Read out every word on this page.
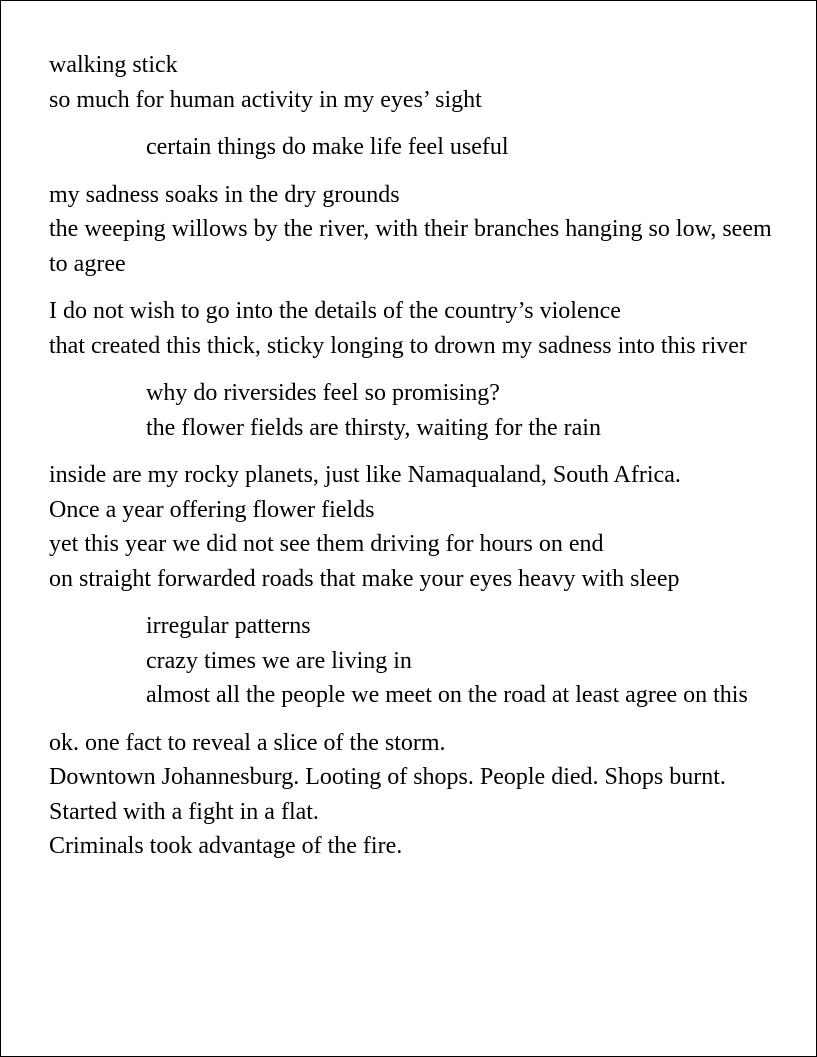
walking stick
so much for human activity in my eyes’ sight
certain things do make life feel useful
my sadness soaks in the dry grounds
the weeping willows by the river, with their branches hanging so low, seem to agree
I do not wish to go into the details of the country’s violence
that created this thick, sticky longing to drown my sadness into this river
why do riversides feel so promising?
the flower fields are thirsty, waiting for the rain
inside are my rocky planets, just like Namaqualand, South Africa.
Once a year offering flower fields
yet this year we did not see them driving for hours on end
on straight forwarded roads that make your eyes heavy with sleep
irregular patterns
crazy times we are living in
almost all the people we meet on the road at least agree on this
ok. one fact to reveal a slice of the storm.
Downtown Johannesburg. Looting of shops. People died. Shops burnt. Started with a fight in a flat.
Criminals took advantage of the fire.
